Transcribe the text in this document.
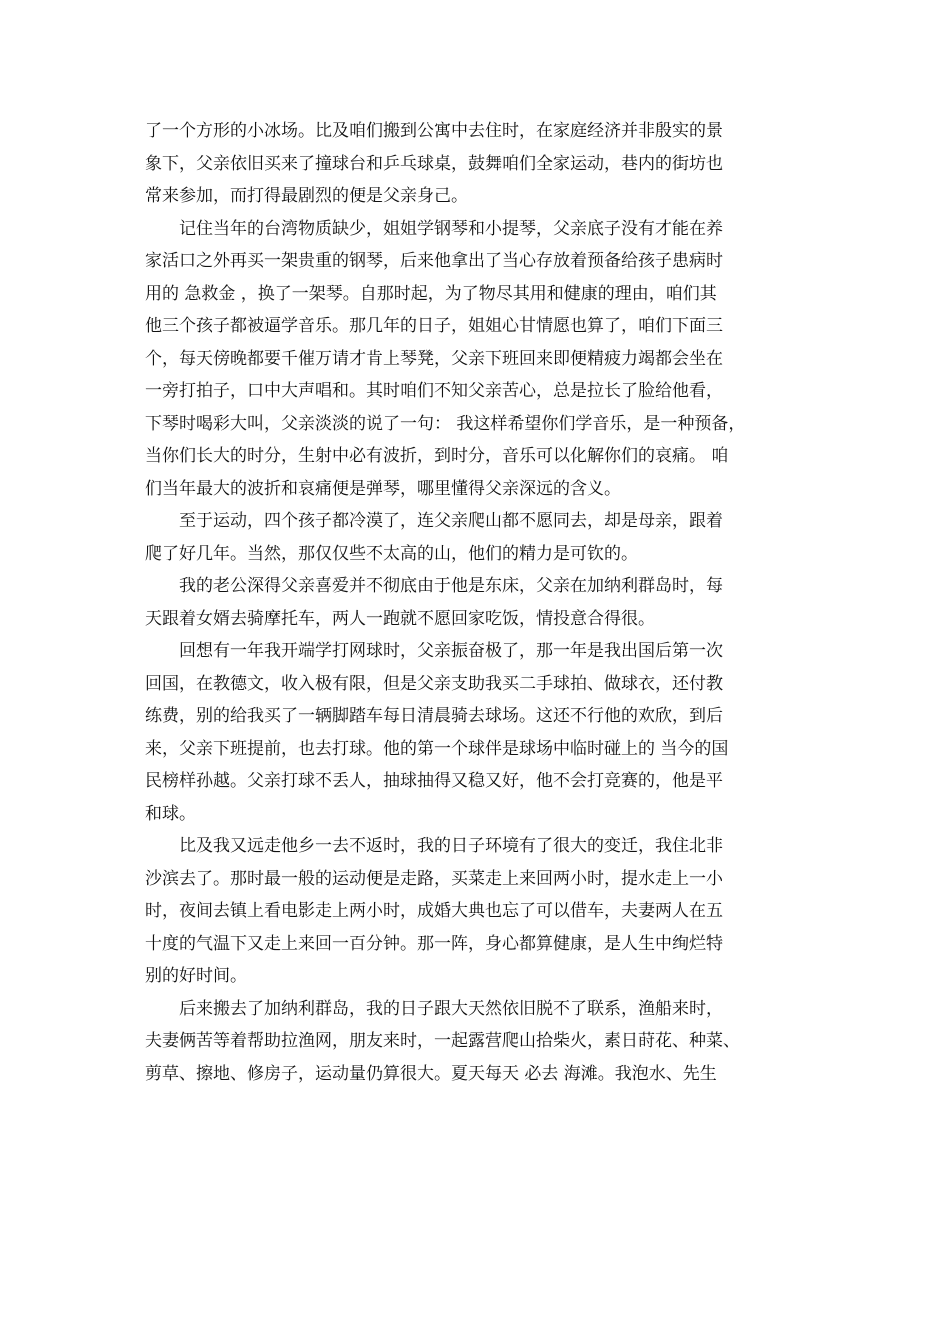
了一个方形的小冰场。比及咱们搬到公寓中去住时，在家庭经济并非殷实的景
象下，父亲依旧买来了撞球台和乒乓球桌，鼓舞咱们全家运动，巷内的街坊也
常来参加，而打得最剧烈的便是父亲身己。
　　记住当年的台湾物质缺少，姐姐学钢琴和小提琴，父亲底子没有才能在养
家活口之外再买一架贵重的钢琴，后来他拿出了当心存放着预备给孩子患病时
用的 急救金 ，换了一架琴。自那时起，为了物尽其用和健康的理由，咱们其
他三个孩子都被逼学音乐。那几年的日子，姐姐心甘情愿也算了，咱们下面三
个，每天傍晚都要千催万请才肯上琴凳，父亲下班回来即便精疲力竭都会坐在
一旁打拍子，口中大声唱和。其时咱们不知父亲苦心，总是拉长了脸给他看，
下琴时喝彩大叫，父亲淡淡的说了一句： 我这样希望你们学音乐，是一种预备，
当你们长大的时分，生射中必有波折，到时分，音乐可以化解你们的哀痛。 咱
们当年最大的波折和哀痛便是弹琴，哪里懂得父亲深远的含义。
　　至于运动，四个孩子都冷漠了，连父亲爬山都不愿同去，却是母亲，跟着
爬了好几年。当然，那仅仅些不太高的山，他们的精力是可钦的。
　　我的老公深得父亲喜爱并不彻底由于他是东床，父亲在加纳利群岛时，每
天跟着女婿去骑摩托车，两人一跑就不愿回家吃饭，情投意合得很。
　　回想有一年我开端学打网球时，父亲振奋极了，那一年是我出国后第一次
回国，在教德文，收入极有限，但是父亲支助我买二手球拍、做球衣，还付教
练费，别的给我买了一辆脚踏车每日清晨骑去球场。这还不行他的欢欣，到后
来，父亲下班提前，也去打球。他的第一个球伴是球场中临时碰上的 当今的国
民榜样孙越。父亲打球不丢人，抽球抽得又稳又好，他不会打竞赛的，他是平
和球。
　　比及我又远走他乡一去不返时，我的日子环境有了很大的变迁，我住北非
沙滨去了。那时最一般的运动便是走路，买菜走上来回两小时，提水走上一小
时，夜间去镇上看电影走上两小时，成婚大典也忘了可以借车，夫妻两人在五
十度的气温下又走上来回一百分钟。那一阵，身心都算健康，是人生中绚烂特
别的好时间。
　　后来搬去了加纳利群岛，我的日子跟大天然依旧脱不了联系，渔船来时，
夫妻俩苦等着帮助拉渔网，朋友来时，一起露营爬山拾柴火，素日莳花、种菜、
剪草、擦地、修房子，运动量仍算很大。夏天每天 必去 海滩。我泡水、先生
